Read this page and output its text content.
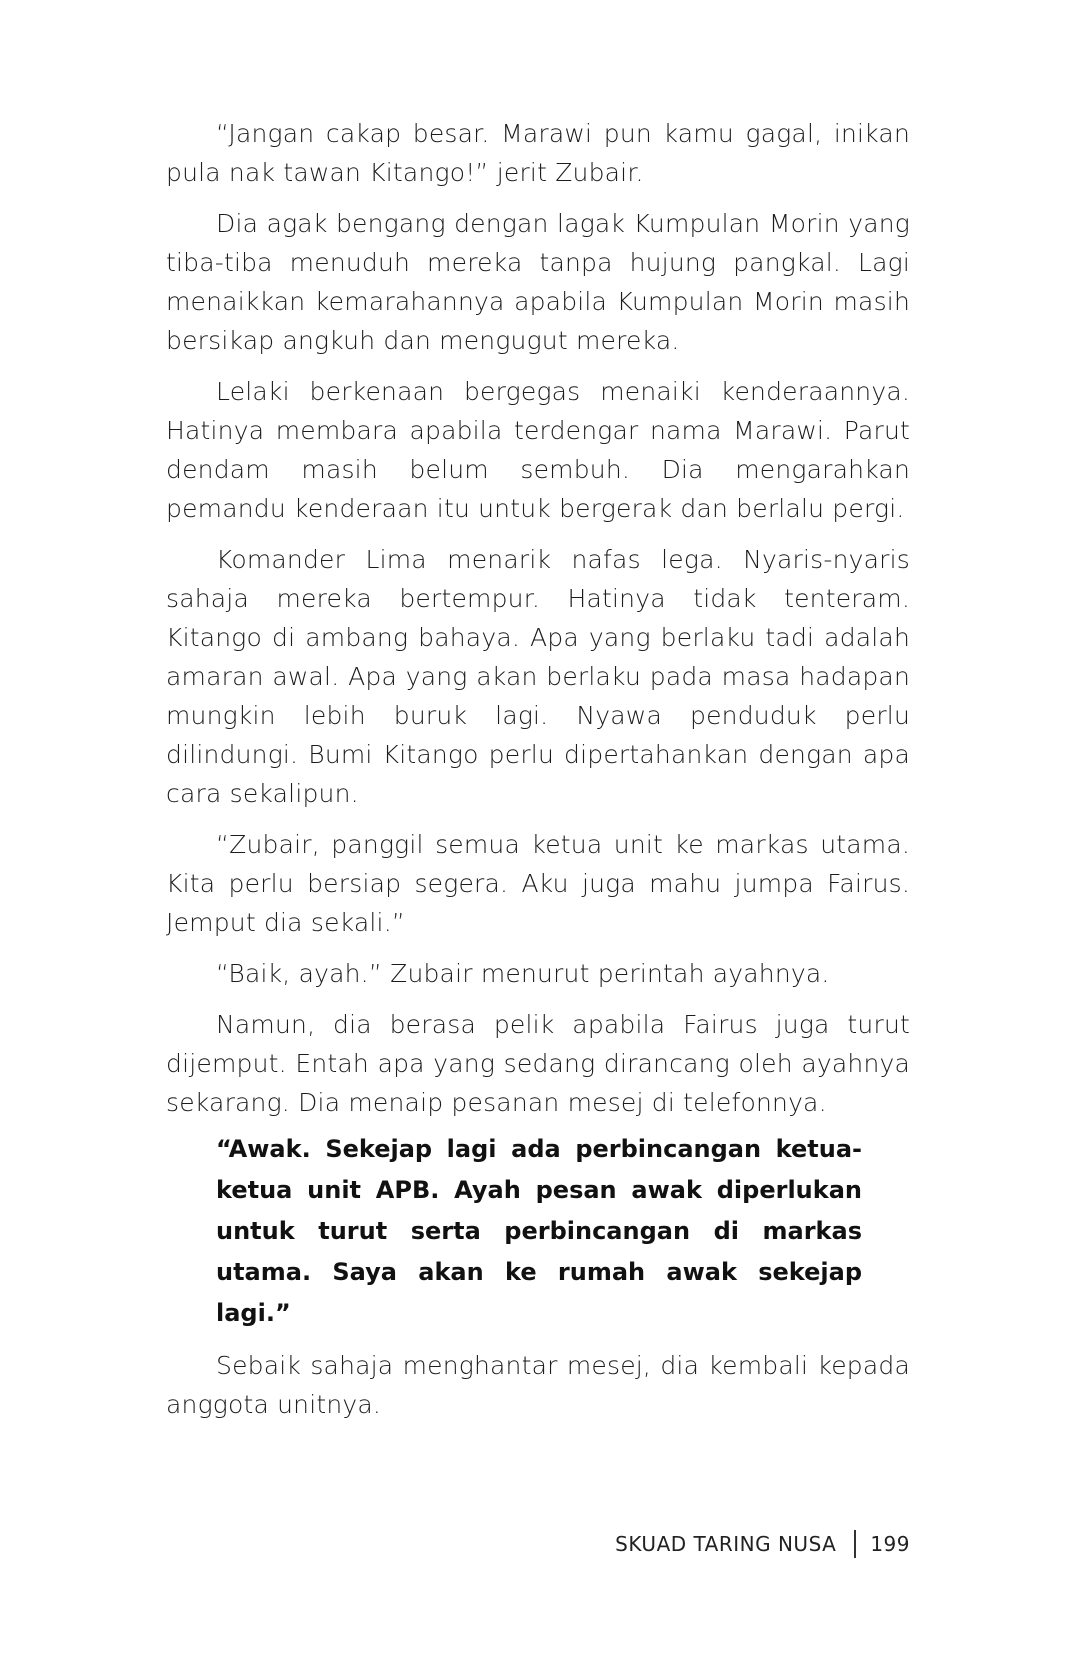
“Jangan cakap besar. Marawi pun kamu gagal, inikan pula nak tawan Kitango!” jerit Zubair.

Dia agak bengang dengan lagak Kumpulan Morin yang tiba-tiba menuduh mereka tanpa hujung pangkal. Lagi menaikkan kemarahannya apabila Kumpulan Morin masih bersikap angkuh dan mengugut mereka.

Lelaki berkenaan bergegas menaiki kenderaannya. Hatinya membara apabila terdengar nama Marawi. Parut dendam masih belum sembuh. Dia mengarahkan pemandu kenderaan itu untuk bergerak dan berlalu pergi.

Komander Lima menarik nafas lega. Nyaris-nyaris sahaja mereka bertempur. Hatinya tidak tenteram. Kitango di ambang bahaya. Apa yang berlaku tadi adalah amaran awal. Apa yang akan berlaku pada masa hadapan mungkin lebih buruk lagi. Nyawa penduduk perlu dilindungi. Bumi Kitango perlu dipertahankan dengan apa cara sekalipun.

“Zubair, panggil semua ketua unit ke markas utama. Kita perlu bersiap segera. Aku juga mahu jumpa Fairus. Jemput dia sekali.”

“Baik, ayah.” Zubair menurut perintah ayahnya.

Namun, dia berasa pelik apabila Fairus juga turut dijemput. Entah apa yang sedang dirancang oleh ayahnya sekarang. Dia menaip pesanan mesej di telefonnya.

“Awak. Sekejap lagi ada perbincangan ketua-ketua unit APB. Ayah pesan awak diperlukan untuk turut serta perbincangan di markas utama. Saya akan ke rumah awak sekejap lagi.”

Sebaik sahaja menghantar mesej, dia kembali kepada anggota unitnya.

SKUAD TARING NUSA 199
